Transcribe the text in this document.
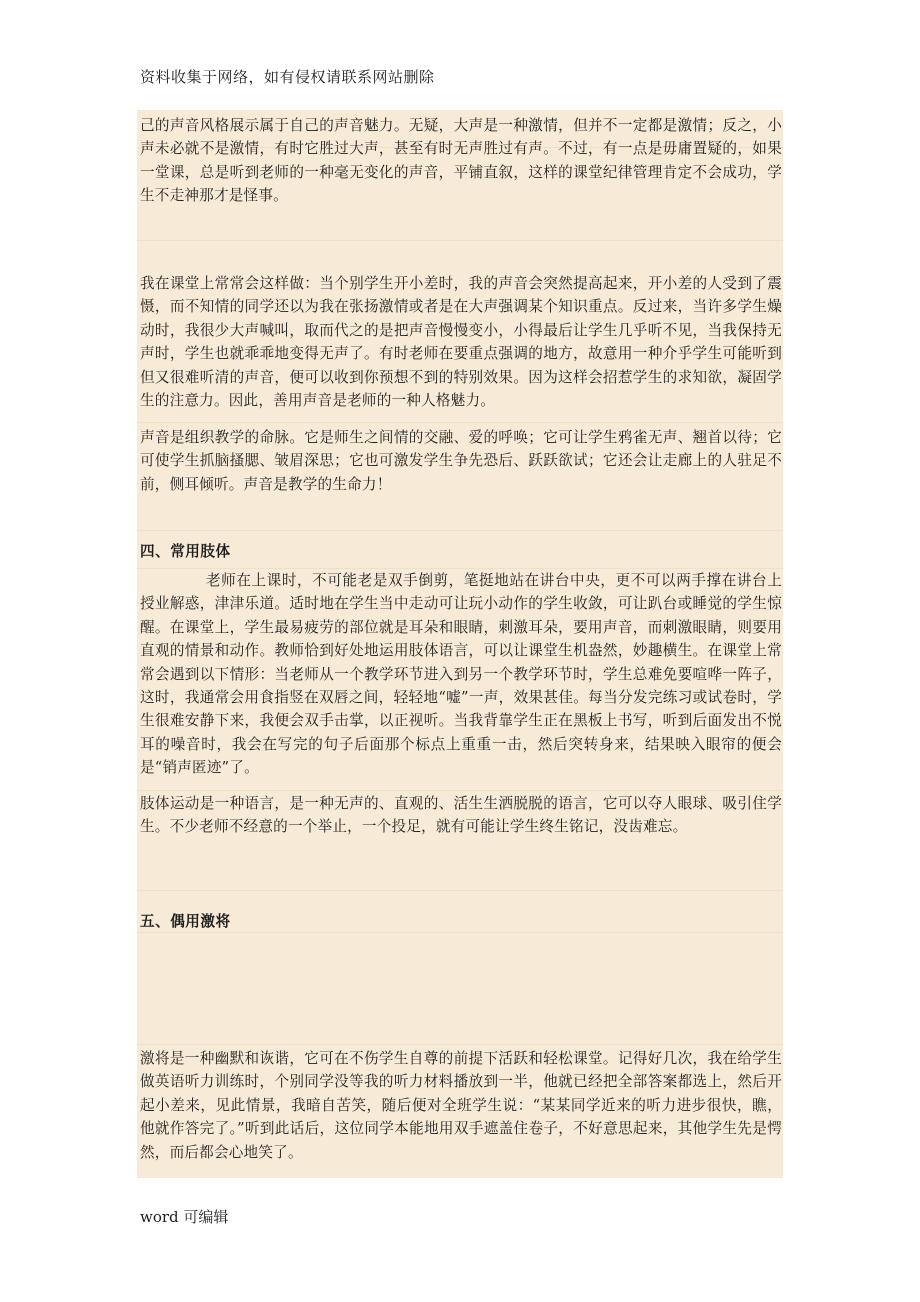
资料收集于网络，如有侵权请联系网站删除

己的声音风格展示属于自己的声音魅力。无疑，大声是一种激情，但并不一定都是激情；反之，小声未必就不是激情，有时它胜过大声，甚至有时无声胜过有声。不过，有一点是毋庸置疑的，如果一堂课，总是听到老师的一种毫无变化的声音，平铺直叙，这样的课堂纪律管理肯定不会成功，学生不走神那才是怪事。

我在课堂上常常会这样做：当个别学生开小差时，我的声音会突然提高起来，开小差的人受到了震慑，而不知情的同学还以为我在张扬激情或者是在大声强调某个知识重点。反过来，当许多学生燥动时，我很少大声喊叫，取而代之的是把声音慢慢变小，小得最后让学生几乎听不见，当我保持无声时，学生也就乖乖地变得无声了。有时老师在要重点强调的地方，故意用一种介乎学生可能听到但又很难听清的声音，便可以收到你预想不到的特别效果。因为这样会招惹学生的求知欲，凝固学生的注意力。因此，善用声音是老师的一种人格魅力。

声音是组织教学的命脉。它是师生之间情的交融、爱的呼唤；它可让学生鸦雀无声、翘首以待；它可使学生抓脑搔腮、皱眉深思；它也可激发学生争先恐后、跃跃欲试；它还会让走廊上的人驻足不前，侧耳倾听。声音是教学的生命力！

四、常用肢体

老师在上课时，不可能老是双手倒剪，笔挺地站在讲台中央，更不可以两手撑在讲台上授业解惑，津津乐道。适时地在学生当中走动可让玩小动作的学生收敛，可让趴台或睡觉的学生惊醒。在课堂上，学生最易疲劳的部位就是耳朵和眼睛，刺激耳朵，要用声音，而刺激眼睛，则要用直观的情景和动作。教师恰到好处地运用肢体语言，可以让课堂生机盎然，妙趣横生。在课堂上常常会遇到以下情形：当老师从一个教学环节进入到另一个教学环节时，学生总难免要喧哗一阵子，这时，我通常会用食指竖在双唇之间，轻轻地“嘘”一声，效果甚佳。每当分发完练习或试卷时，学生很难安静下来，我便会双手击掌，以正视听。当我背靠学生正在黑板上书写，听到后面发出不悦耳的噪音时，我会在写完的句子后面那个标点上重重一击，然后突转身来，结果映入眼帘的便会是“销声匿迹”了。

肢体运动是一种语言，是一种无声的、直观的、活生生洒脱脱的语言，它可以夺人眼球、吸引住学生。不少老师不经意的一个举止，一个投足，就有可能让学生终生铭记，没齿难忘。

五、偶用激将

激将是一种幽默和诙谐，它可在不伤学生自尊的前提下活跃和轻松课堂。记得好几次，我在给学生做英语听力训练时，个别同学没等我的听力材料播放到一半，他就已经把全部答案都选上，然后开起小差来，见此情景，我暗自苦笑，随后便对全班学生说：“某某同学近来的听力进步很快，瞧，他就作答完了。”听到此话后，这位同学本能地用双手遮盖住卷子，不好意思起来，其他学生先是愕然，而后都会心地笑了。

word 可编辑
